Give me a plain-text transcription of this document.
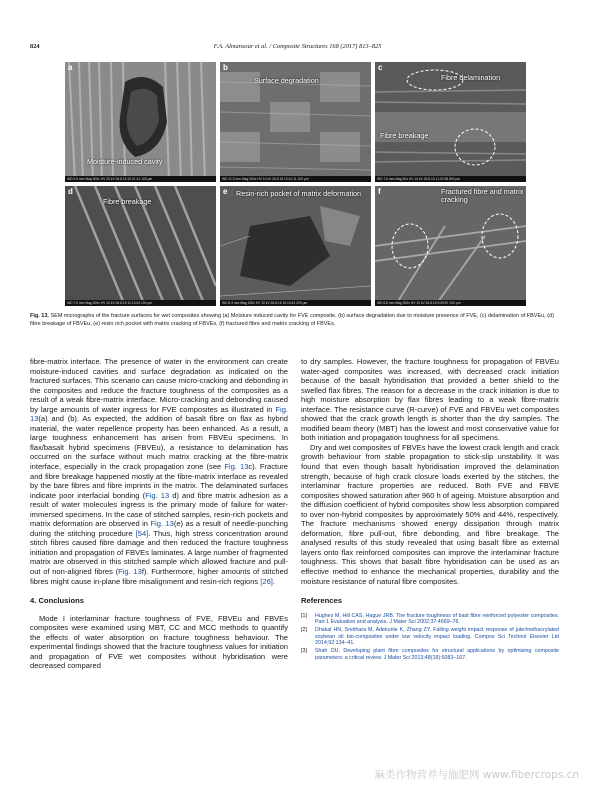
824	F.A. Almansour et al. / Composite Structures 168 (2017) 813–825
a
Moisture-induced cavity
WD 9.6 mm Mag 300x HV 20 kV 26.8.15 10:21:41 100 μm
b
Surface degradation
WD 11.0 mm Mag 300x HV 10 kV 26.8.15 10:10:11 100 μm
c
Fibre delamination
Fibre breakage
WD 7.6 mm Mag 50x HV 10 kV 26.8.15 11:00:38 800 μm
d
Fibre breakage
WD 7.6 mm Mag 300x HV 10 kV 26.8.15 11:13:03 100 μm
e Resin-rich pocket of matrix deformation
WD 8.4 mm Mag 150x HV 10 kV 26.8.15 10:10:41 200 μm
f	Fractured fibre and matrix cracking
WD 6.8 mm Mag 300x HV 10 kV 26.8.15 9:09:57 100 μm
Fig. 13. SEM micrographs of the fracture surfaces for wet composites showing (a) Moisture induced cavity for FVE composite, (b) surface degradation due to moisture presence of FVE, (c) delamination of FBVEu, (d) fibre breakage of FBVEu, (e) resin rich pocket with matrix cracking of FBVEs, (f) fractured fibre and matrix cracking of FBVEs.

fibre-matrix interface. The presence of water in the environment can create moisture-induced cavities and surface degradation as indicated on the fractured surfaces. This scenario can cause micro-cracking and debonding in the composites and reduce the fracture toughness of the composites as a result of a weak fibre-matrix interface. Micro-cracking and debonding caused by large amounts of water ingress for FVE composites as illustrated in Fig. 13(a) and (b). As expected, the addition of basalt fibre on flax as hybrid material, the water repellence property has been enhanced. As a result, a large toughness enhancement has arisen from FBVEu specimens. In flax/basalt hybrid specimens (FBVEu), a resistance to delamination has occurred on the surface without much matrix cracking at the fibre-matrix interface, especially in the crack propagation zone (see Fig. 13c). Fracture and fibre breakage happened mostly at the fibre-matrix interface as revealed by the bare fibres and fibre imprints in the matrix. The delaminated surfaces indicate poor interfacial bonding (Fig. 13 d) and fibre matrix adhesion as a result of water molecules ingress is the primary mode of failure for water-immersed specimens. In the case of stitched samples, resin-rich pockets and matrix deformation are observed in Fig. 13(e) as a result of needle-punching during the stitching procedure [54]. Thus, high stress concentration around stitch fibres caused fibre damage and then reduced the fracture toughness initiation and propagation of FBVEs laminates. A large number of fragmented matrix are observed in this stitched sample which allowed fracture and pull-out of non-aligned fibres (Fig. 13f). Furthermore, higher amounts of stitched fibres might cause in-plane fibre misalignment and resin-rich regions [26].

4. Conclusions

Mode I interlaminar fracture toughness of FVE, FBVEu and FBVEs composites were examined using MBT, CC and MCC methods to quantify the effects of water absorption on fracture toughness behaviour. The experimental findings showed that the fracture toughness values for initiation and propagation of FVE wet composites without hybridisation were decreased compared

to dry samples. However, the fracture toughness for propagation of FBVEu water-aged composites was increased, with decreased crack initiation because of the basalt hybridisation that provided a better shield to the swelled flax fibres. The reason for a decrease in the crack initiation is due to high moisture absorption by flax fibres leading to a weak fibre-matrix interface. The resistance curve (R-curve) of FVE and FBVEu wet composites showed that the crack growth length is shorter than the dry samples. The modified beam theory (MBT) has the lowest and most conservative value for both initiation and propagation toughness for all specimens.

Dry and wet composites of FBVEs have the lowest crack length and crack growth behaviour from stable propagation to stick-slip unstability. It was found that even though basalt hybridisation improved the delamination strength, because of high crack closure loads exerted by the stitches, the interlaminar fracture properties are reduced. Both FVE and FBVE composites showed saturation after 960 h of ageing. Moisture absorption and the diffusion coefficient of hybrid composites show less absorption compared to over non-hybrid composites by approximately 50% and 44%, respectively. The fracture mechanisms showed energy dissipation through matrix deformation, fibre pull-out, fibre debonding, and fibre breakage. The analysed results of this study revealed that using basalt fibre as external layers onto flax reinforced composites can improve the interlaminar fracture toughness. This shows that basalt fibre hybridisation can be used as an effective method to enhance the mechanical properties, durability and the moisture resistance of natural fibre composites.

References
[1]	Hughes M, Hill CAS, Hague JRB. The fracture toughness of bast fibre reinforced polyester composites. Part 1 Evaluation and analysis. J Mater Sci 2002;37:4669–76.
[2]	Dhakal HN, Sreithara M, Adekunle K, Zhang ZY. Falling weight impact response of jute/methacrylated soybean oil bio-composites under low velocity impact loading. Compos Sci Technol Elsevier Ltd 2014;92:134–41.
[3]	Shah DU. Developing plant fibre composites for structural applications by optimising composite parameters: a critical review. J Mater Sci 2013;48(18):6083–107.
麻类作物营养与施肥网 www.fibercrops.cn
